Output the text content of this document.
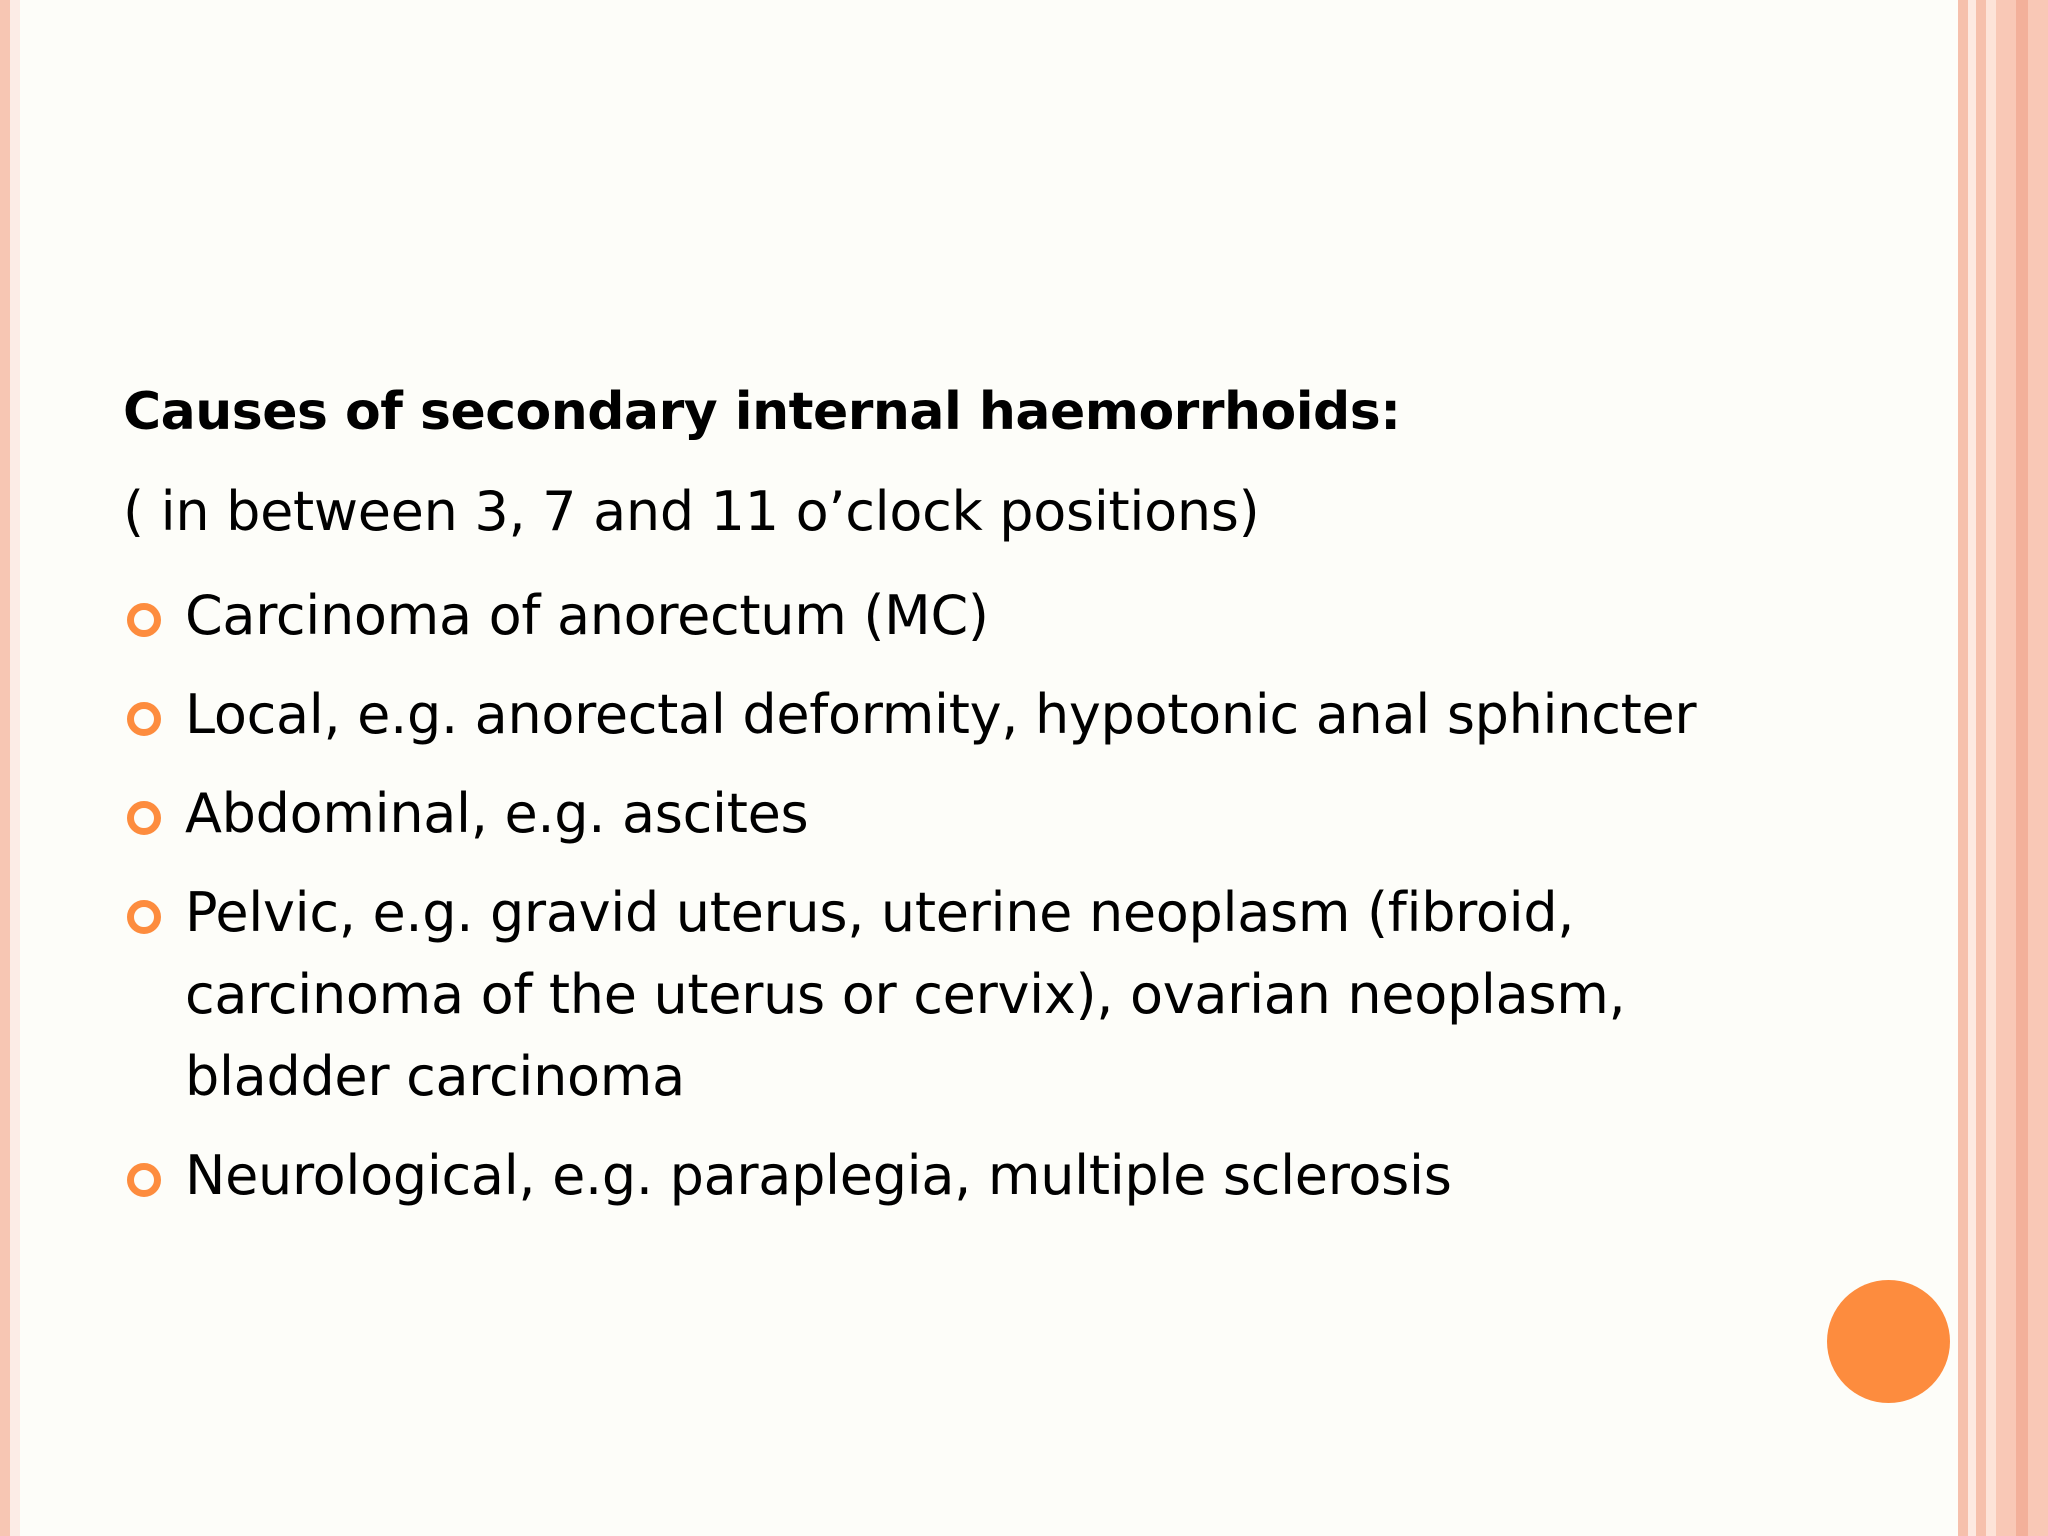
Causes of secondary internal haemorrhoids:
( in between 3, 7 and 11 o’clock positions)
Carcinoma of anorectum (MC)
Local, e.g. anorectal deformity, hypotonic anal sphincter
Abdominal, e.g. ascites
Pelvic, e.g. gravid uterus, uterine neoplasm (fibroid, carcinoma of the uterus or cervix), ovarian neoplasm, bladder carcinoma
Neurological, e.g. paraplegia, multiple sclerosis
